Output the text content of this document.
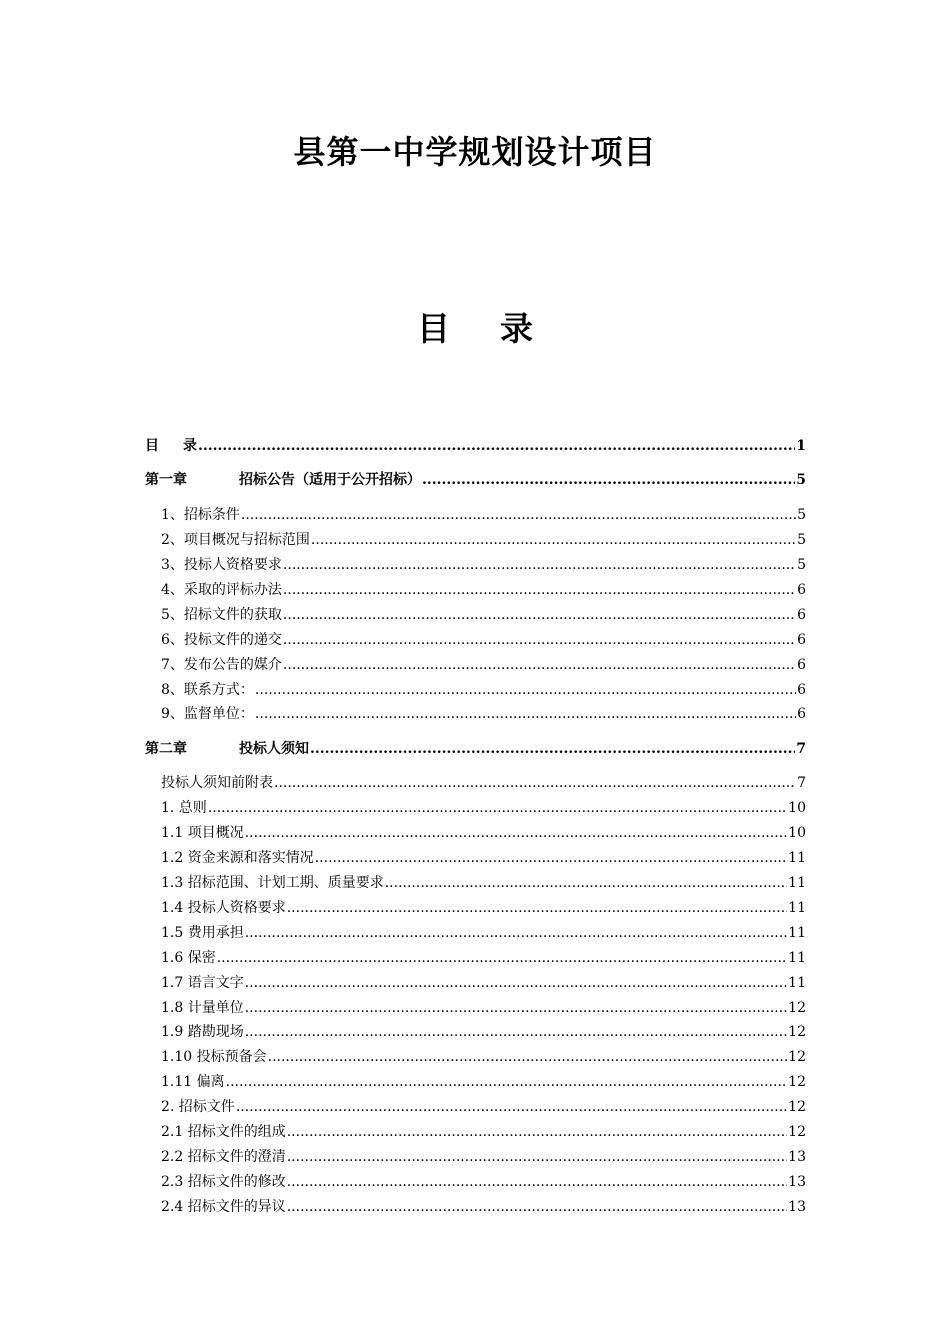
县第一中学规划设计项目
目 录
目 录 .....	1
第一章	招标公告（适用于公开招标） .....	5
1、招标条件 .....	5
2、项目概况与招标范围 .....	5
3、投标人资格要求 .....	5
4、采取的评标办法 .....	6
5、招标文件的获取 .....	6
6、投标文件的递交 .....	6
7、发布公告的媒介 .....	6
8、联系方式： .....	6
9、监督单位： .....	6
第二章	投标人须知 .....	7
投标人须知前附表 .....	7
1. 总则 .....	10
1.1 项目概况 .....	10
1.2 资金来源和落实情况 .....	11
1.3 招标范围、计划工期、质量要求 .....	11
1.4 投标人资格要求 .....	11
1.5 费用承担 .....	11
1.6 保密 .....	11
1.7 语言文字 .....	11
1.8 计量单位 .....	12
1.9 踏勘现场 .....	12
1.10 投标预备会 .....	12
1.11 偏离 .....	12
2. 招标文件 .....	12
2.1 招标文件的组成 .....	12
2.2 招标文件的澄清 .....	13
2.3 招标文件的修改 .....	13
2.4 招标文件的异议 .....	13
